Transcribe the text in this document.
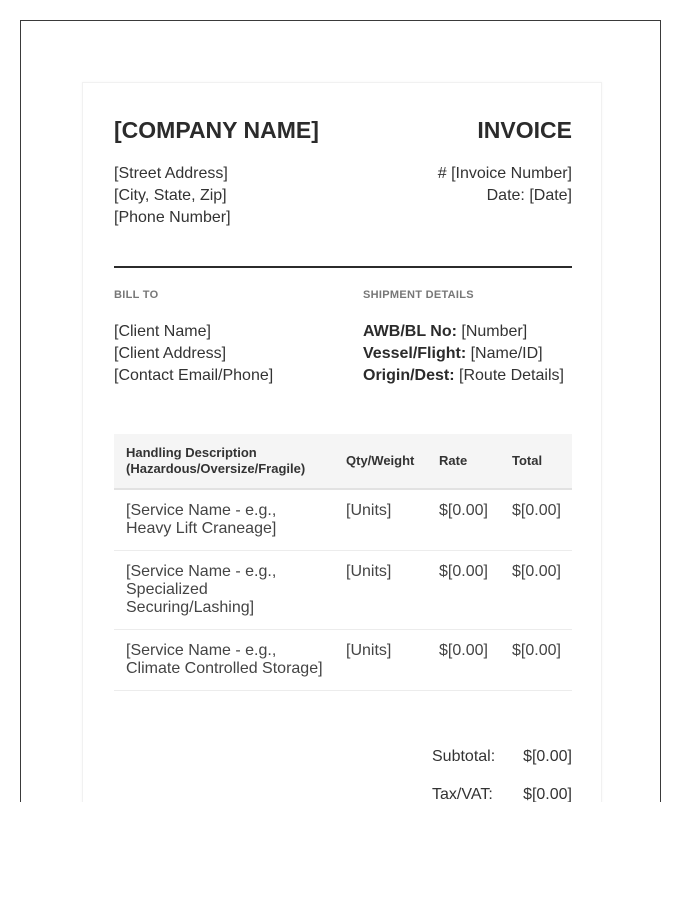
[COMPANY NAME]	INVOICE
[Street Address]
[City, State, Zip]
[Phone Number]
# [Invoice Number]
Date: [Date]
BILL TO	SHIPMENT DETAILS
[Client Name]
[Client Address]
[Contact Email/Phone]
AWB/BL No: [Number]
Vessel/Flight: [Name/ID]
Origin/Dest: [Route Details]
Handling Description
(Hazardous/Oversize/Fragile)	Qty/Weight	Rate	Total
[Service Name - e.g., Heavy Lift Craneage]	[Units]	$[0.00]	$[0.00]
[Service Name - e.g., Specialized Securing/Lashing]	[Units]	$[0.00]	$[0.00]
[Service Name - e.g., Climate Controlled Storage]	[Units]	$[0.00]	$[0.00]
Subtotal:	$[0.00]
Tax/VAT:	$[0.00]
